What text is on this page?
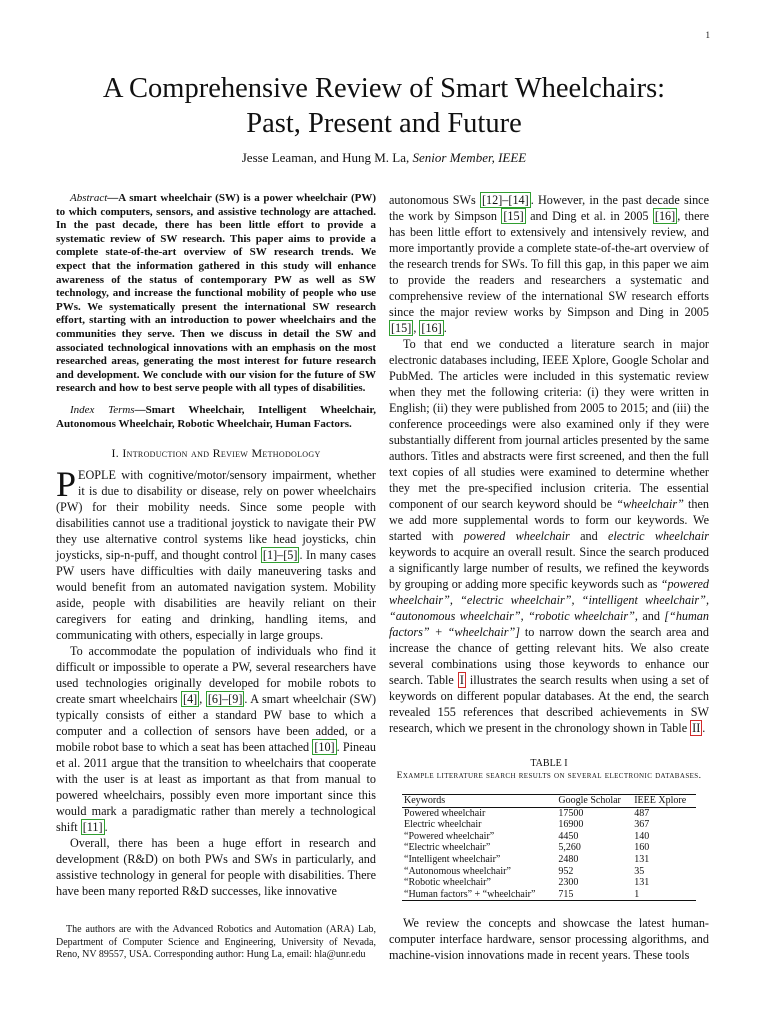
1
A Comprehensive Review of Smart Wheelchairs:
Past, Present and Future
Jesse Leaman, and Hung M. La, Senior Member, IEEE

Abstract—A smart wheelchair (SW) is a power wheelchair (PW) to which computers, sensors, and assistive technology are attached. In the past decade, there has been little effort to provide a systematic review of SW research. This paper aims to provide a complete state-of-the-art overview of SW research trends. We expect that the information gathered in this study will enhance awareness of the status of contemporary PW as well as SW technology, and increase the functional mobility of people who use PWs. We systematically present the international SW research effort, starting with an introduction to power wheelchairs and the communities they serve. Then we discuss in detail the SW and associated technological innovations with an emphasis on the most researched areas, generating the most interest for future research and development. We conclude with our vision for the future of SW research and how to best serve people with all types of disabilities.

Index Terms—Smart Wheelchair, Intelligent Wheelchair, Autonomous Wheelchair, Robotic Wheelchair, Human Factors.

I. Introduction and Review Methodology

PEOPLE with cognitive/motor/sensory impairment, whether it is due to disability or disease, rely on power wheelchairs (PW) for their mobility needs. Since some people with disabilities cannot use a traditional joystick to navigate their PW they use alternative control systems like head joysticks, chin joysticks, sip-n-puff, and thought control [1]–[5] . In many cases PW users have difficulties with daily maneuvering tasks and would benefit from an automated navigation system. Mobility aside, people with disabilities are heavily reliant on their caregivers for eating and drinking, handling items, and communicating with others, especially in large groups.

To accommodate the population of individuals who find it difficult or impossible to operate a PW, several researchers have used technologies originally developed for mobile robots to create smart wheelchairs [4] , [6]–[9] . A smart wheelchair (SW) typically consists of either a standard PW base to which a computer and a collection of sensors have been added, or a mobile robot base to which a seat has been attached [10] . Pineau et al. 2011 argue that the transition to wheelchairs that cooperate with the user is at least as important as that from manual to powered wheelchairs, possibly even more important since this would mark a paradigmatic rather than merely a technological shift [11] .

Overall, there has been a huge effort in research and development (R&D) on both PWs and SWs in particularly, and assistive technology in general for people with disabilities. There have been many reported R&D successes, like innovative

The authors are with the Advanced Robotics and Automation (ARA) Lab, Department of Computer Science and Engineering, University of Nevada, Reno, NV 89557, USA. Corresponding author: Hung La, email: hla@unr.edu

autonomous SWs [12]–[14] . However, in the past decade since the work by Simpson [15] and Ding et al. in 2005 [16] , there has been little effort to extensively and intensively review, and more importantly provide a complete state-of-the-art overview of the research trends for SWs. To fill this gap, in this paper we aim to provide the readers and researchers a systematic and comprehensive review of the international SW research efforts since the major review works by Simpson and Ding in 2005 [15] , [16] .

To that end we conducted a literature search in major electronic databases including, IEEE Xplore, Google Scholar and PubMed. The articles were included in this systematic review when they met the following criteria: (i) they were written in English; (ii) they were published from 2005 to 2015; and (iii) the conference proceedings were also examined only if they were substantially different from journal articles presented by the same authors. Titles and abstracts were first screened, and then the full text copies of all studies were examined to determine whether they met the pre-specified inclusion criteria. The essential component of our search keyword should be “wheelchair” then we add more supplemental words to form our keywords. We started with powered wheelchair and electric wheelchair keywords to acquire an overall result. Since the search produced a significantly large number of results, we refined the keywords by grouping or adding more specific keywords such as “powered wheelchair”, “electric wheelchair”, “intelligent wheelchair”, “autonomous wheelchair”, “robotic wheelchair”, and [“human factors” + “wheelchair”] to narrow down the search area and increase the chance of getting relevant hits. We also create several combinations using those keywords to enhance our search. Table I illustrates the search results when using a set of keywords on different popular databases. At the end, the search revealed 155 references that described achievements in SW research, which we present in the chronology shown in Table II .

TABLE I
Example literature search results on several electronic databases.
Keywords	Google Scholar	IEEE Xplore
Powered wheelchair	17500	487
Electric wheelchair	16900	367
“Powered wheelchair”	4450	140
“Electric wheelchair”	5,260	160
“Intelligent wheelchair”	2480	131
“Autonomous wheelchair”	952	35
“Robotic wheelchair”	2300	131
“Human factors” + “wheelchair”	715	1

We review the concepts and showcase the latest human-computer interface hardware, sensor processing algorithms, and machine-vision innovations made in recent years. These tools
